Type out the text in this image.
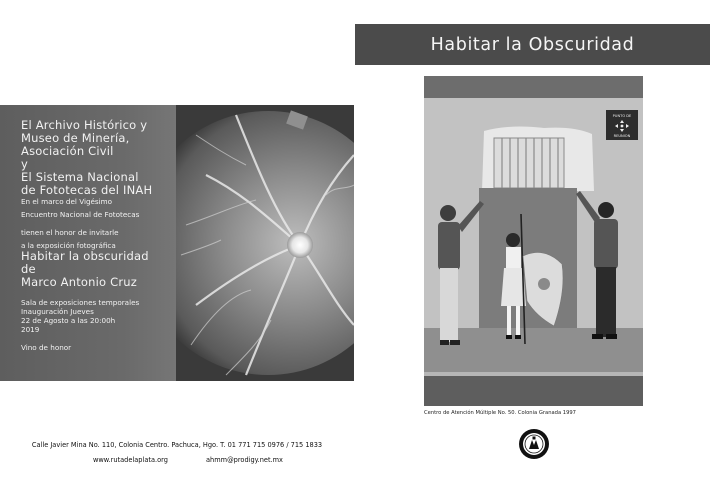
El Archivo Histórico y
Museo de Minería,
Asociación Civil
y
El Sistema Nacional
de Fototecas del INAH
En el marco del Vigésimo
Encuentro Nacional de Fototecas
tienen el honor de invitarle
a la exposición fotográfica
Habitar la obscuridad
de
Marco Antonio Cruz
Sala de exposiciones temporales
Inauguración Jueves
22 de Agosto a las 20:00h
2019
Vino de honor
Habitar la Obscuridad
PUNTO DE
REUNION
Centro de Atención Múltiple No. 50. Colonia Granada 1997
Calle Javier Mina No. 110, Colonia Centro. Pachuca, Hgo. T. 01 771 715 0976 / 715 1833
www.rutadelaplata.org	ahmm@prodigy.net.mx
